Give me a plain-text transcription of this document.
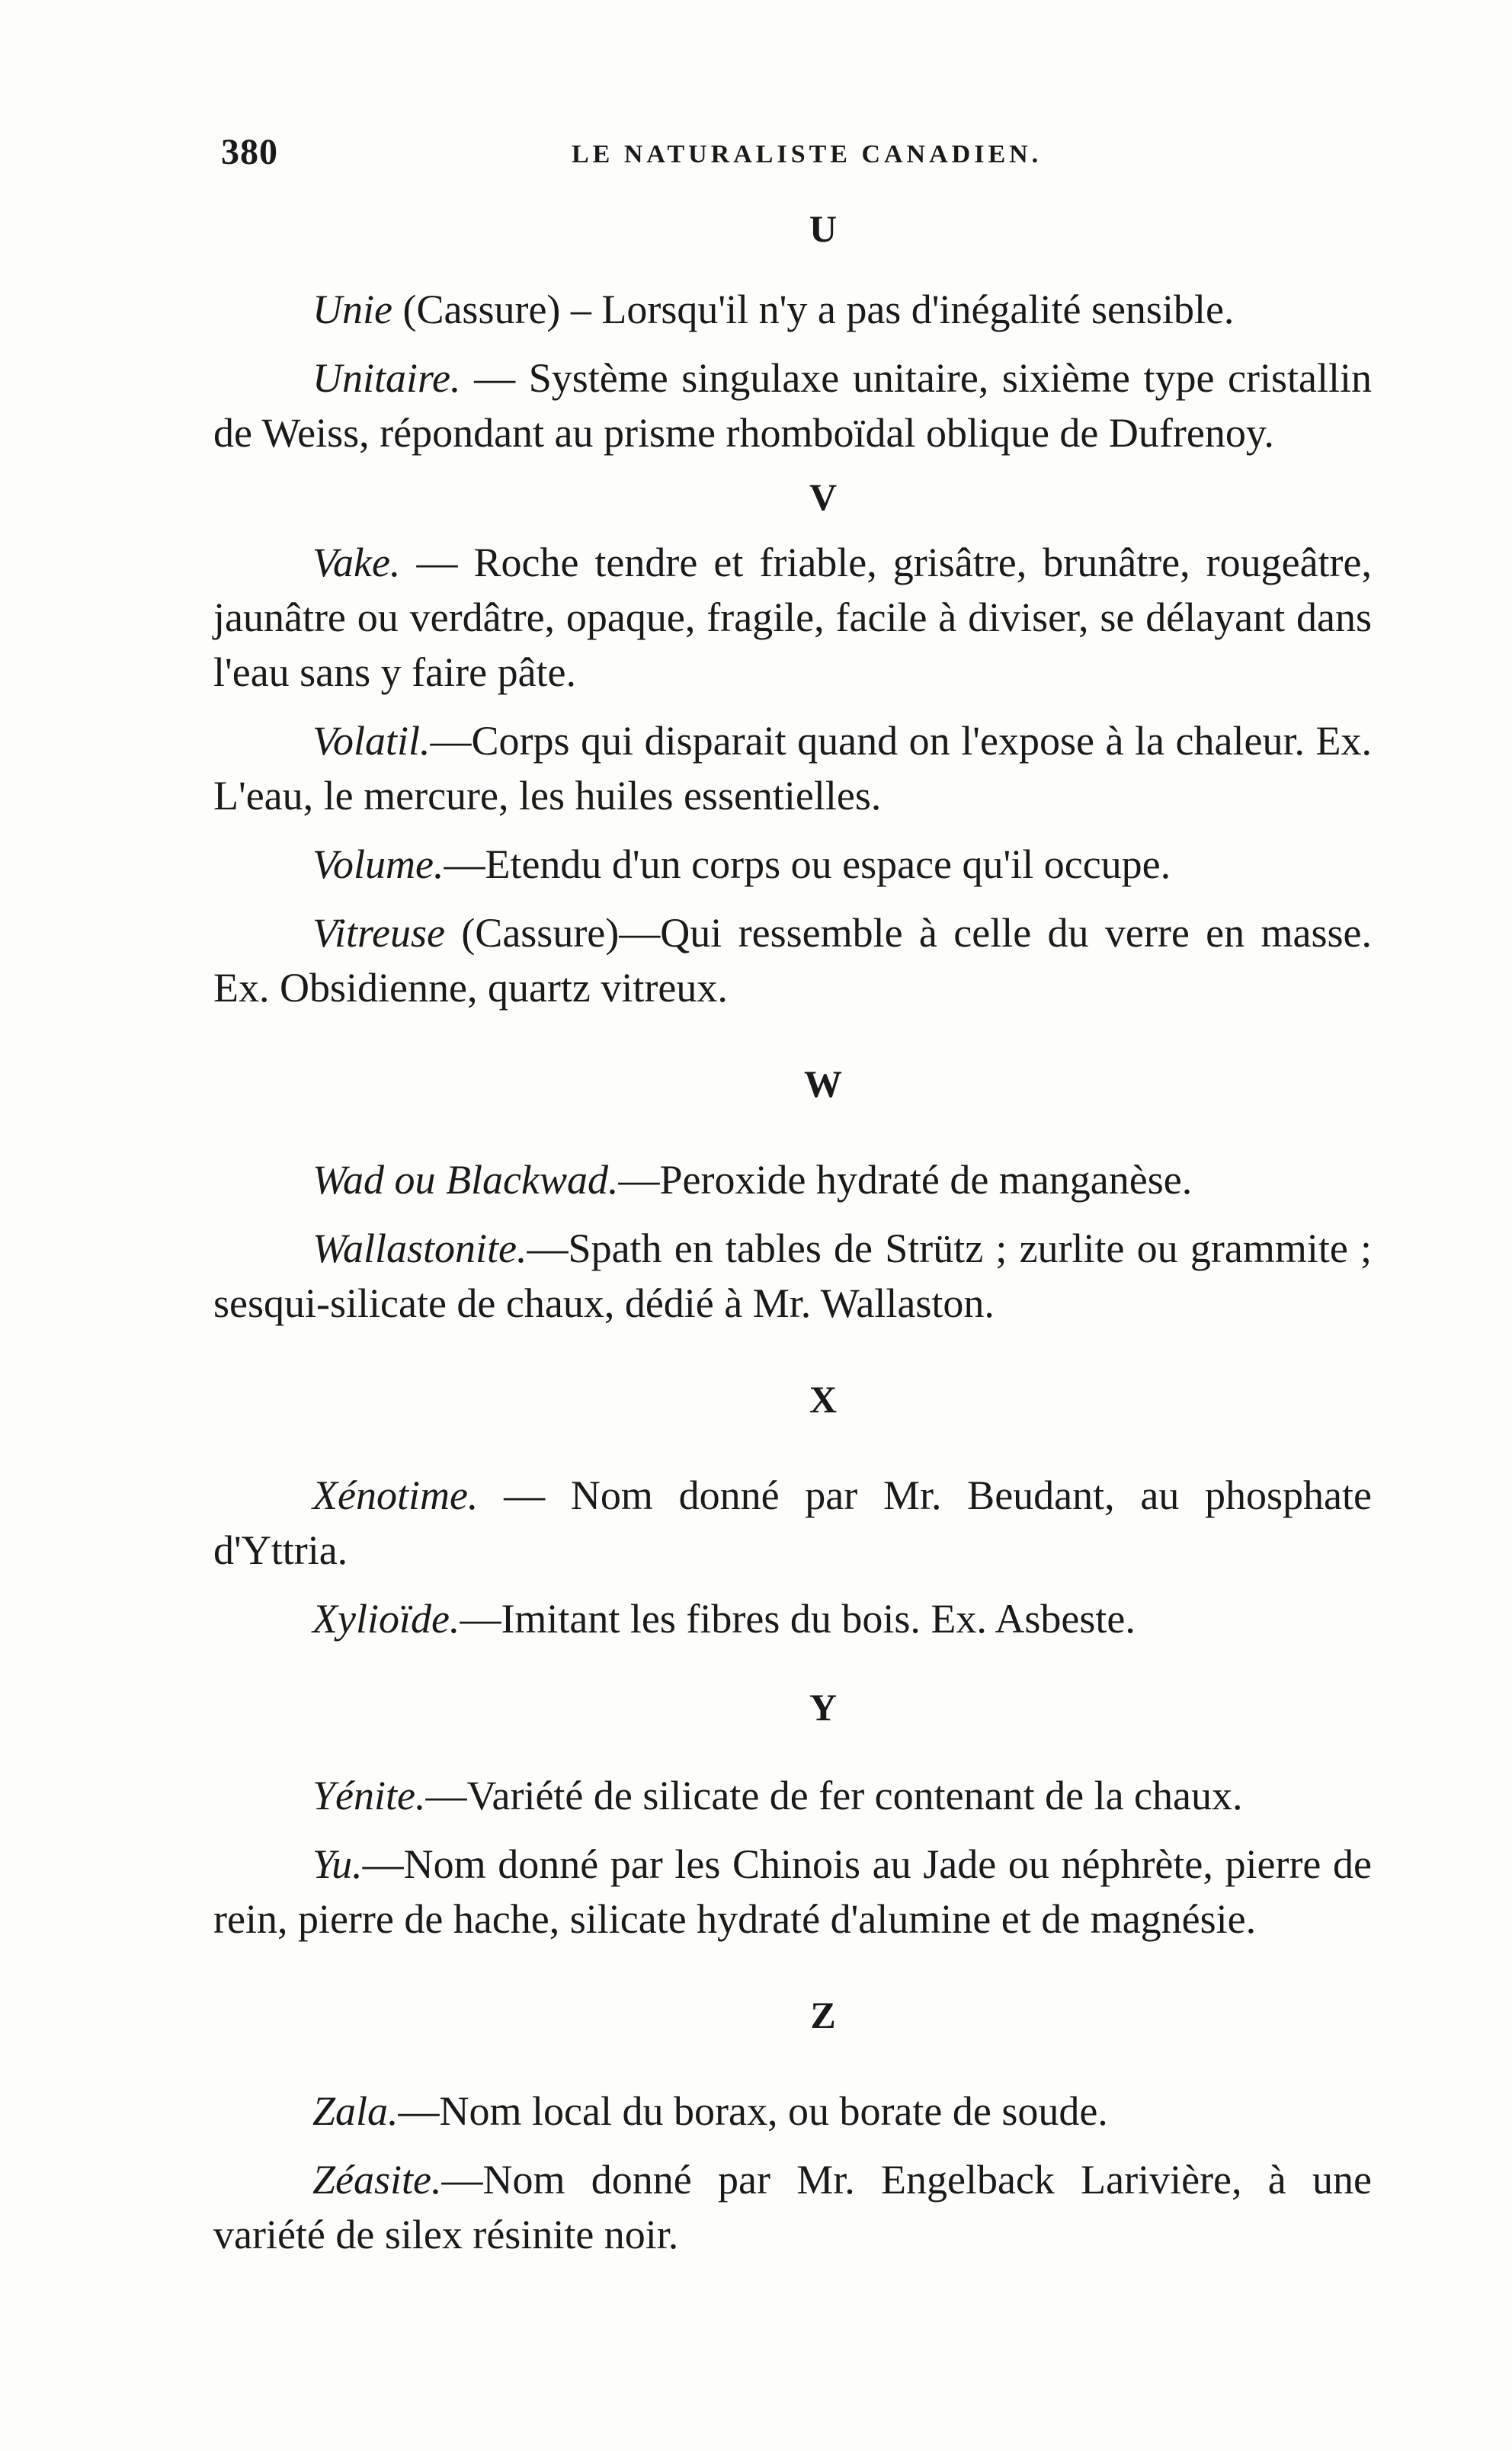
380	LE NATURALISTE CANADIEN.
U

Unie (Cassure) – Lorsqu'il n'y a pas d'inégalité sensible.

Unitaire. — Système singulaxe unitaire, sixième type cristallin de Weiss, répondant au prisme rhomboïdal oblique de Dufrenoy.

V

Vake. — Roche tendre et friable, grisâtre, brunâtre, rougeâtre, jaunâtre ou verdâtre, opaque, fragile, facile à diviser, se délayant dans l'eau sans y faire pâte.

Volatil.—Corps qui disparait quand on l'expose à la chaleur. Ex. L'eau, le mercure, les huiles essentielles.

Volume.—Etendu d'un corps ou espace qu'il occupe.

Vitreuse (Cassure)—Qui ressemble à celle du verre en masse. Ex. Obsidienne, quartz vitreux.

W

Wad ou Blackwad.—Peroxide hydraté de manganèse.

Wallastonite.—Spath en tables de Strütz ; zurlite ou grammite ; sesqui-silicate de chaux, dédié à Mr. Wallaston.

X

Xénotime. — Nom donné par Mr. Beudant, au phosphate d'Yttria.

Xylioïde.—Imitant les fibres du bois. Ex. Asbeste.

Y

Yénite.—Variété de silicate de fer contenant de la chaux.

Yu.—Nom donné par les Chinois au Jade ou néphrète, pierre de rein, pierre de hache, silicate hydraté d'alumine et de magnésie.

Z

Zala.—Nom local du borax, ou borate de soude.

Zéasite.—Nom donné par Mr. Engelback Larivière, à une variété de silex résinite noir.
